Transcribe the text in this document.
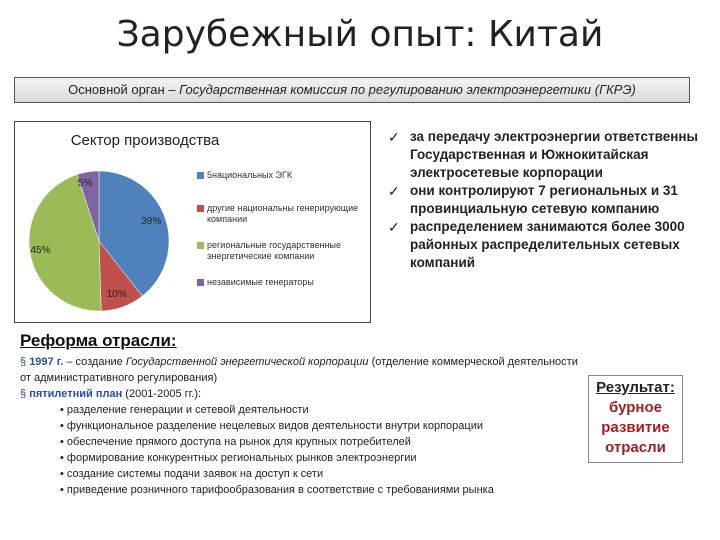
Зарубежный опыт: Китай
Основной орган – Государственная комиссия по регулированию электроэнергетики (ГКРЭ)
Сектор производства
39%
10%
45%
5%
5национальных ЭГК
другие национальны генерирующие компании
региональные государственные энергетические компании
независимые генераторы
✓ за передачу электроэнергии ответственны Государственная и Южнокитайская электросетевые корпорации
✓ они контролируют 7 региональных и 31 провинциальную сетевую компанию
✓ распределением занимаются более 3000 районных распределительных сетевых компаний
Реформа отрасли:
§ 1997 г. – создание Государственной энергетической корпорации (отделение коммерческой деятельности от административного регулирования)
§ пятилетний план (2001-2005 гг.):
• разделение генерации и сетевой деятельности
• функциональное разделение нецелевых видов деятельности внутри корпорации
• обеспечение прямого доступа на рынок для крупных потребителей
• формирование конкурентных региональных рынков электроэнергии
• создание системы подачи заявок на доступ к сети
• приведение розничного тарифообразования в соответствие с требованиями рынка
Результат:
бурное развитие отрасли
